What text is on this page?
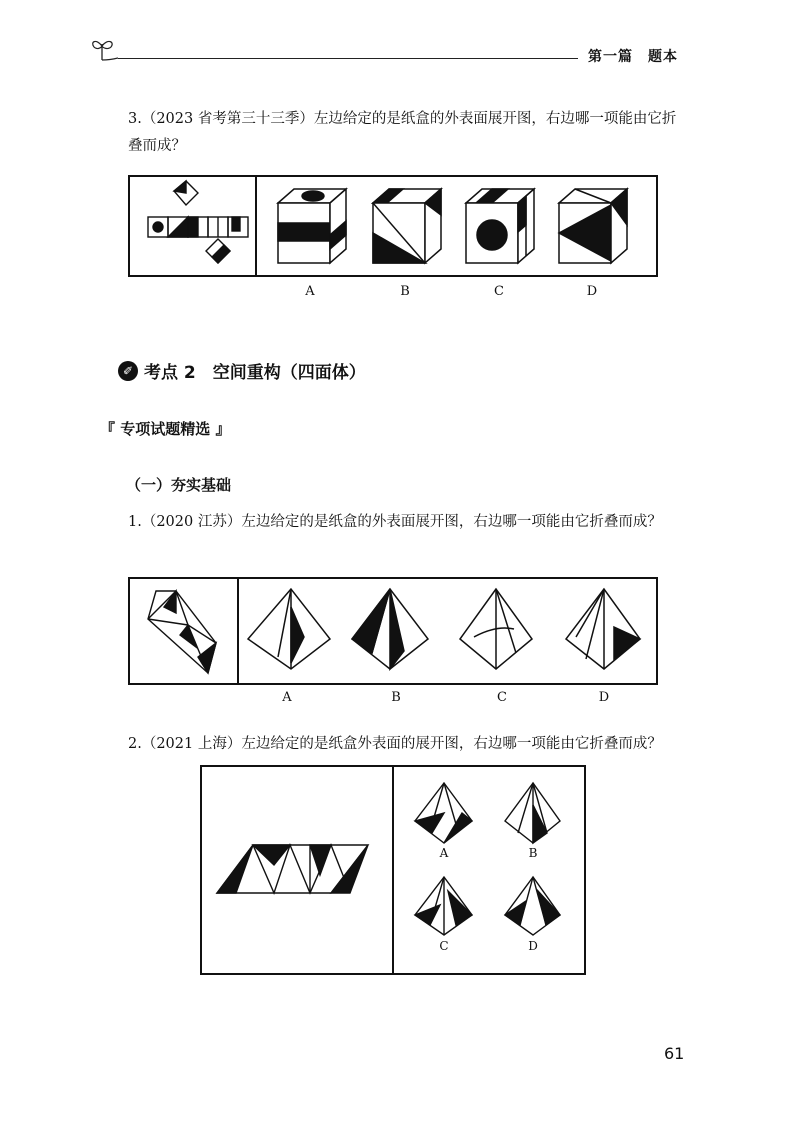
第一篇　题本
3.（2023 省考第三十三季）左边给定的是纸盒的外表面展开图，右边哪一项能由它折叠而成？
A	B	C	D
✐ 考点 2　空间重构（四面体）
『 专项试题精选 』
（一）夯实基础
1.（2020 江苏）左边给定的是纸盒的外表面展开图，右边哪一项能由它折叠而成？
A	B	C	D
2.（2021 上海）左边给定的是纸盒外表面的展开图，右边哪一项能由它折叠而成？
A	B
C	D
61
